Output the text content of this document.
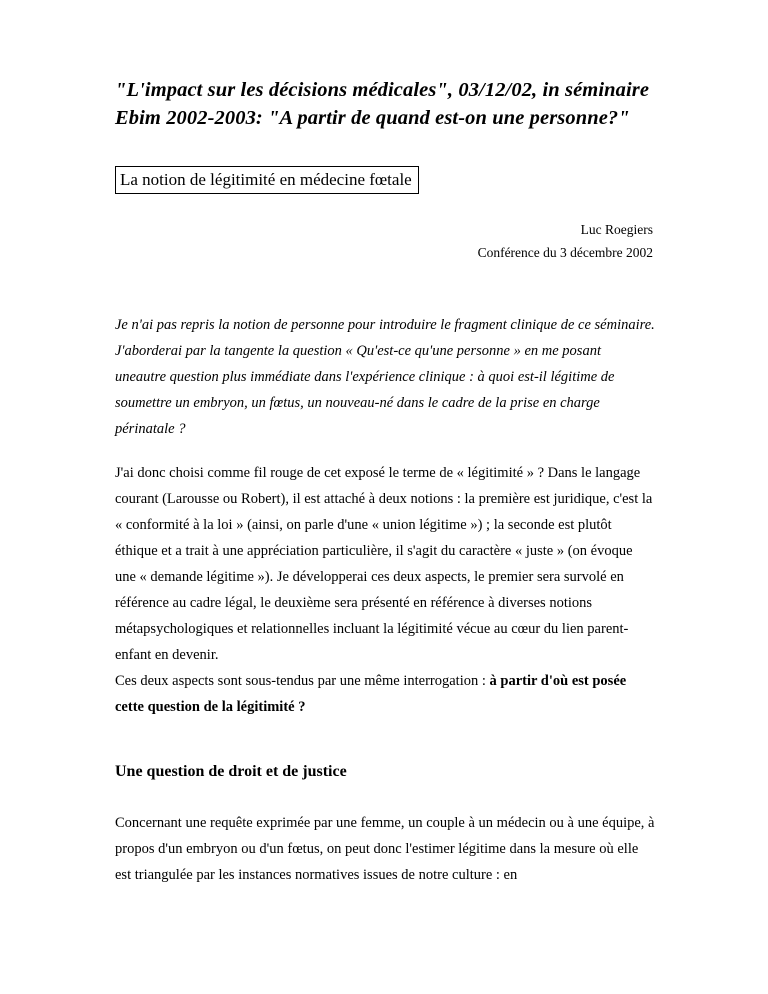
"L'impact sur les décisions médicales", 03/12/02, in séminaire Ebim 2002-2003: "A partir de quand est-on une personne?"
La notion de légitimité en médecine fœtale
Luc Roegiers
Conférence du 3 décembre 2002

Je n'ai pas repris la notion de personne pour introduire le fragment clinique de ce séminaire. J'aborderai par la tangente la question « Qu'est-ce qu'une personne » en me posant uneautre question plus immédiate dans l'expérience clinique : à quoi est-il légitime de soumettre un embryon, un fœtus, un nouveau-né dans le cadre de la prise en charge périnatale ?

J'ai donc choisi comme fil rouge de cet exposé le terme de « légitimité » ? Dans le langage courant (Larousse ou Robert), il est attaché à deux notions : la première est juridique, c'est la « conformité à la loi » (ainsi, on parle d'une « union légitime ») ; la seconde est plutôt éthique et a trait à une appréciation particulière, il s'agit du caractère « juste » (on évoque une « demande légitime »). Je développerai ces deux aspects, le premier sera survolé en référence au cadre légal, le deuxième sera présenté en référence à diverses notions métapsychologiques et relationnelles incluant la légitimité vécue au cœur du lien parent-enfant en devenir.

Ces deux aspects sont sous-tendus par une même interrogation : à partir d'où est posée cette question de la légitimité ?

Une question de droit et de justice

Concernant une requête exprimée par une femme, un couple à un médecin ou à une équipe, à propos d'un embryon ou d'un fœtus, on peut donc l'estimer légitime dans la mesure où elle est triangulée par les instances normatives issues de notre culture : en
